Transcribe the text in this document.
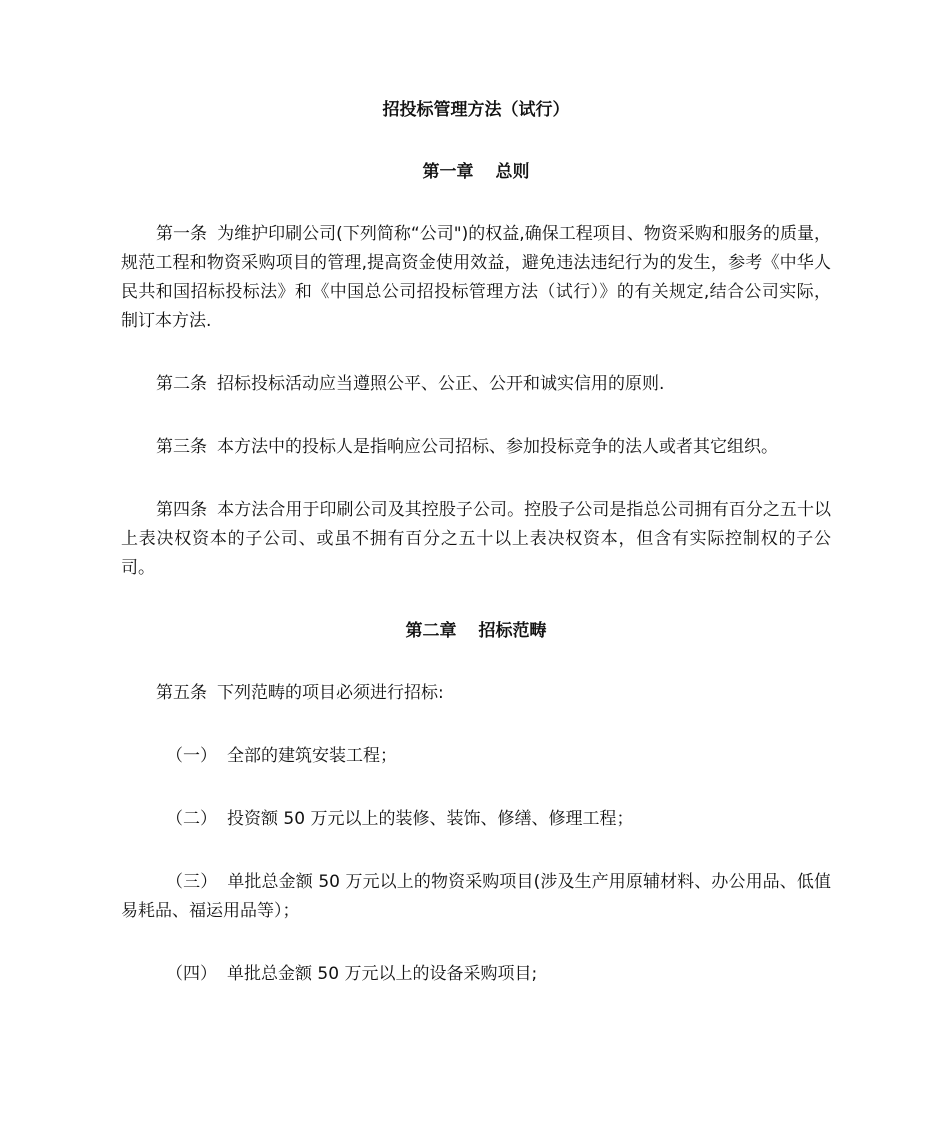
招投标管理方法（试行）
第一章 总则

第一条 为维护印刷公司(下列简称“公司")的权益,确保工程项目、物资采购和服务的质量，规范工程和物资采购项目的管理,提高资金使用效益，避免违法违纪行为的发生，参考《中华人民共和国招标投标法》和《中国总公司招投标管理方法（试行）》的有关规定,结合公司实际，制订本方法.

第二条 招标投标活动应当遵照公平、公正、公开和诚实信用的原则.

第三条 本方法中的投标人是指响应公司招标、参加投标竞争的法人或者其它组织。

第四条 本方法合用于印刷公司及其控股子公司。控股子公司是指总公司拥有百分之五十以上表决权资本的子公司、或虽不拥有百分之五十以上表决权资本，但含有实际控制权的子公司。

第二章 招标范畴

第五条 下列范畴的项目必须进行招标:

（一） 全部的建筑安装工程；

（二） 投资额 50 万元以上的装修、装饰、修缮、修理工程；

（三） 单批总金额 50 万元以上的物资采购项目(涉及生产用原辅材料、办公用品、低值易耗品、福运用品等）；

（四） 单批总金额 50 万元以上的设备采购项目;
